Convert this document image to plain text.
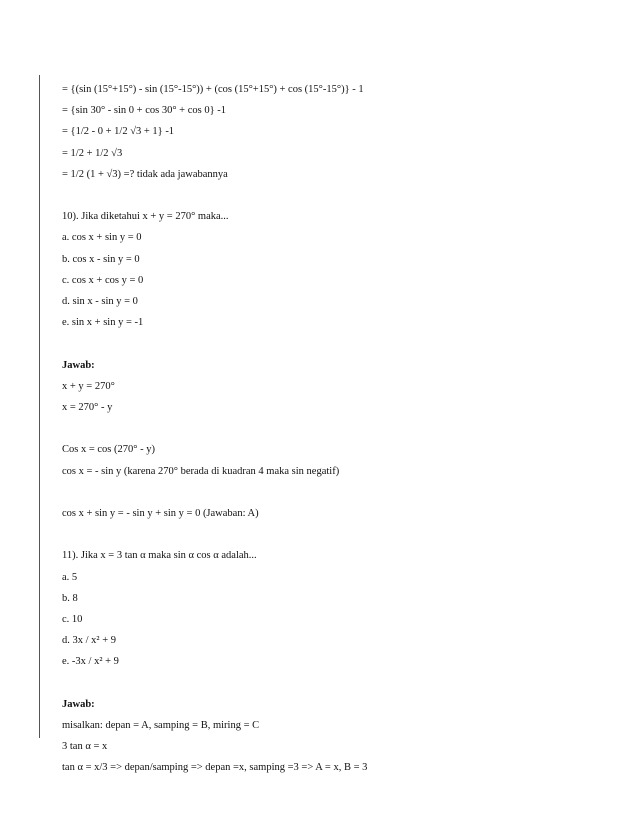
= {(sin (15°+15°) - sin (15°-15°)) + (cos (15°+15°) + cos (15°-15°)} - 1
= {sin 30° - sin 0 + cos 30° + cos 0} -1
= {1/2 - 0 + 1/2 √3 + 1} -1
= 1/2 + 1/2 √3
= 1/2 (1 + √3) =? tidak ada jawabannya
10). Jika diketahui x + y = 270° maka...
a. cos x + sin y = 0
b. cos x - sin y = 0
c. cos x + cos y = 0
d. sin x - sin y = 0
e. sin x + sin y = -1
Jawab:
x + y = 270°
x = 270° - y
Cos x = cos (270° - y)
cos x = - sin y (karena 270° berada di kuadran 4 maka sin negatif)
cos x + sin y = - sin y + sin y = 0 (Jawaban: A)
11). Jika x = 3 tan α maka sin α cos α adalah...
a. 5
b. 8
c. 10
d. 3x / x² + 9
e. -3x / x² + 9
Jawab:
misalkan: depan = A, samping = B, miring = C
3 tan α = x
tan α = x/3 => depan/samping => depan =x, samping =3 => A = x, B = 3
